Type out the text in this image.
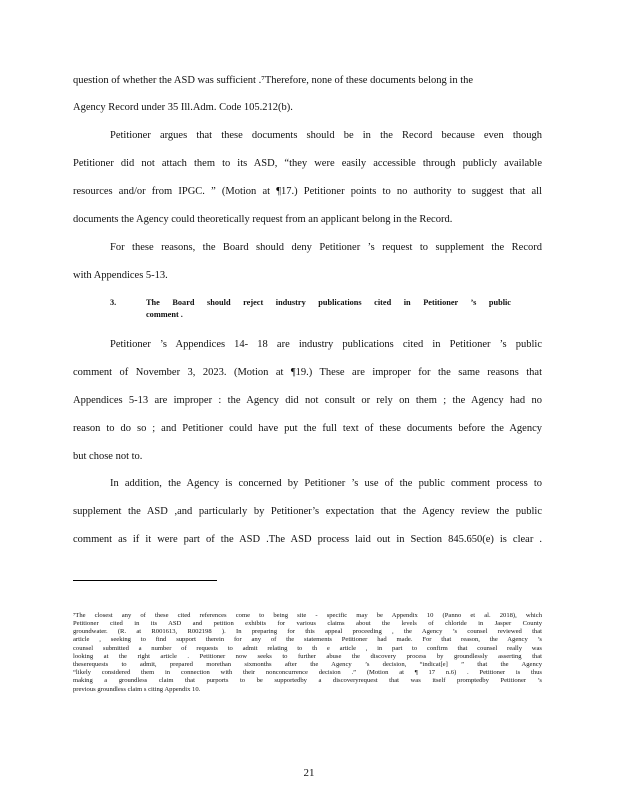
question of whether the ASD was sufficient .⁷Therefore, none of these documents belong in the
Agency Record under 35 Ill.Adm. Code 105.212(b).
Petitioner argues that these documents should be in the Record because even though
Petitioner did not attach them to its ASD, “they were easily accessible through publicly available
resources and/or from IPGC. ” (Motion at ¶17.) Petitioner points to no authority to suggest that all
documents the Agency could theoretically request from an applicant belong in the Record.
For these reasons, the Board should deny Petitioner ’s request to supplement the Record
with Appendices 5-13.
3.	The Board should reject industry publications cited in Petitioner ’s public
comment .
Petitioner ’s Appendices 14- 18 are industry publications cited in Petitioner ’s public
comment of November 3, 2023. (Motion at ¶19.) These are improper for the same reasons that
Appendices 5-13 are improper : the Agency did not consult or rely on them ; the Agency had no
reason to do so ; and Petitioner could have put the full text of these documents before the Agency
but chose not to.
In addition, the Agency is concerned by Petitioner ’s use of the public comment process to
supplement the ASD ,and particularly by Petitioner’s expectation that the Agency review the public
comment as if it were part of the ASD .The ASD process laid out in Section 845.650(e) is clear .
⁷The closest any of these cited references come to being site - specific may be Appendix 10 (Panno et al. 2018), which
Petitioner cited in its ASD and petition exhibits for various claims about the levels of chloride in Jasper County
groundwater. (R. at R001613, R002198 ). In preparing for this appeal proceeding , the Agency ’s counsel reviewed that
article , seeking to find support therein for any of the statements Petitioner had made. For that reason, the Agency ’s
counsel submitted a number of requests to admit relating to th e article , in part to confirm that counsel really was
looking at the right article . Petitioner now seeks to further abuse the discovery process by groundlessly asserting that
theserequests to admit, prepared morethan sixmonths after the Agency ’s decision, “indicat[e] ” that the Agency
“likely considered them in connection with their nonconcurrence decision .” (Motion at ¶ 17 n.6) . Petitioner is thus
making a groundless claim that purports to be supportedby a discoveryrequest that was itself promptedby Petitioner ’s
previous groundless claim s citing Appendix 10.
21
